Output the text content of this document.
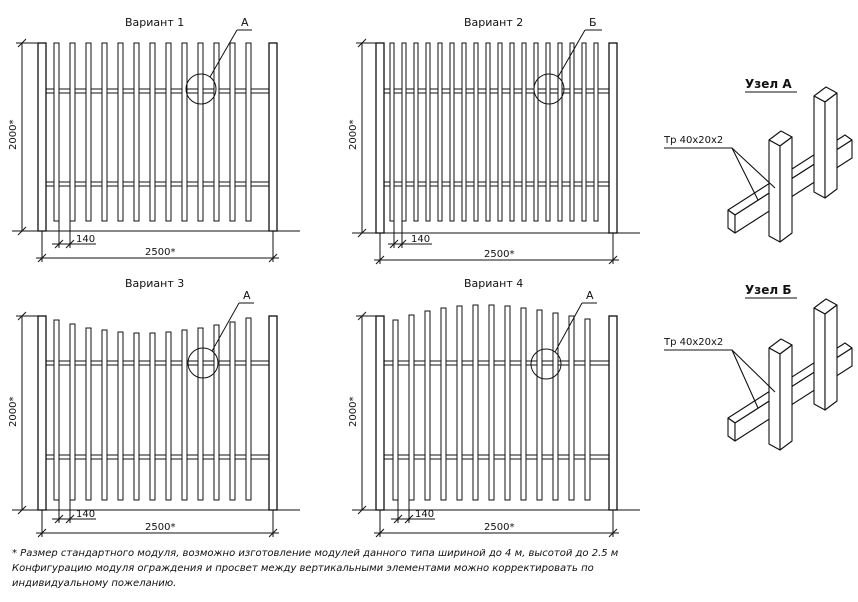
Вариант 1	А
2000*
2500*
140
Вариант 2	Б
2000*
2500*
140
Вариант 3
А
2000*
2500*
140
Вариант 4
А
2000*
2500*
140
Узел А
Тр 40х20х2
Узел Б
Тр 40х20х2
* Размер стандартного модуля, возможно изготовление модулей данного типа шириной до 4 м, высотой до 2.5 м
Конфигурацию модуля ограждения и просвет между вертикальными элементами можно корректировать по
индивидуальному пожеланию.
